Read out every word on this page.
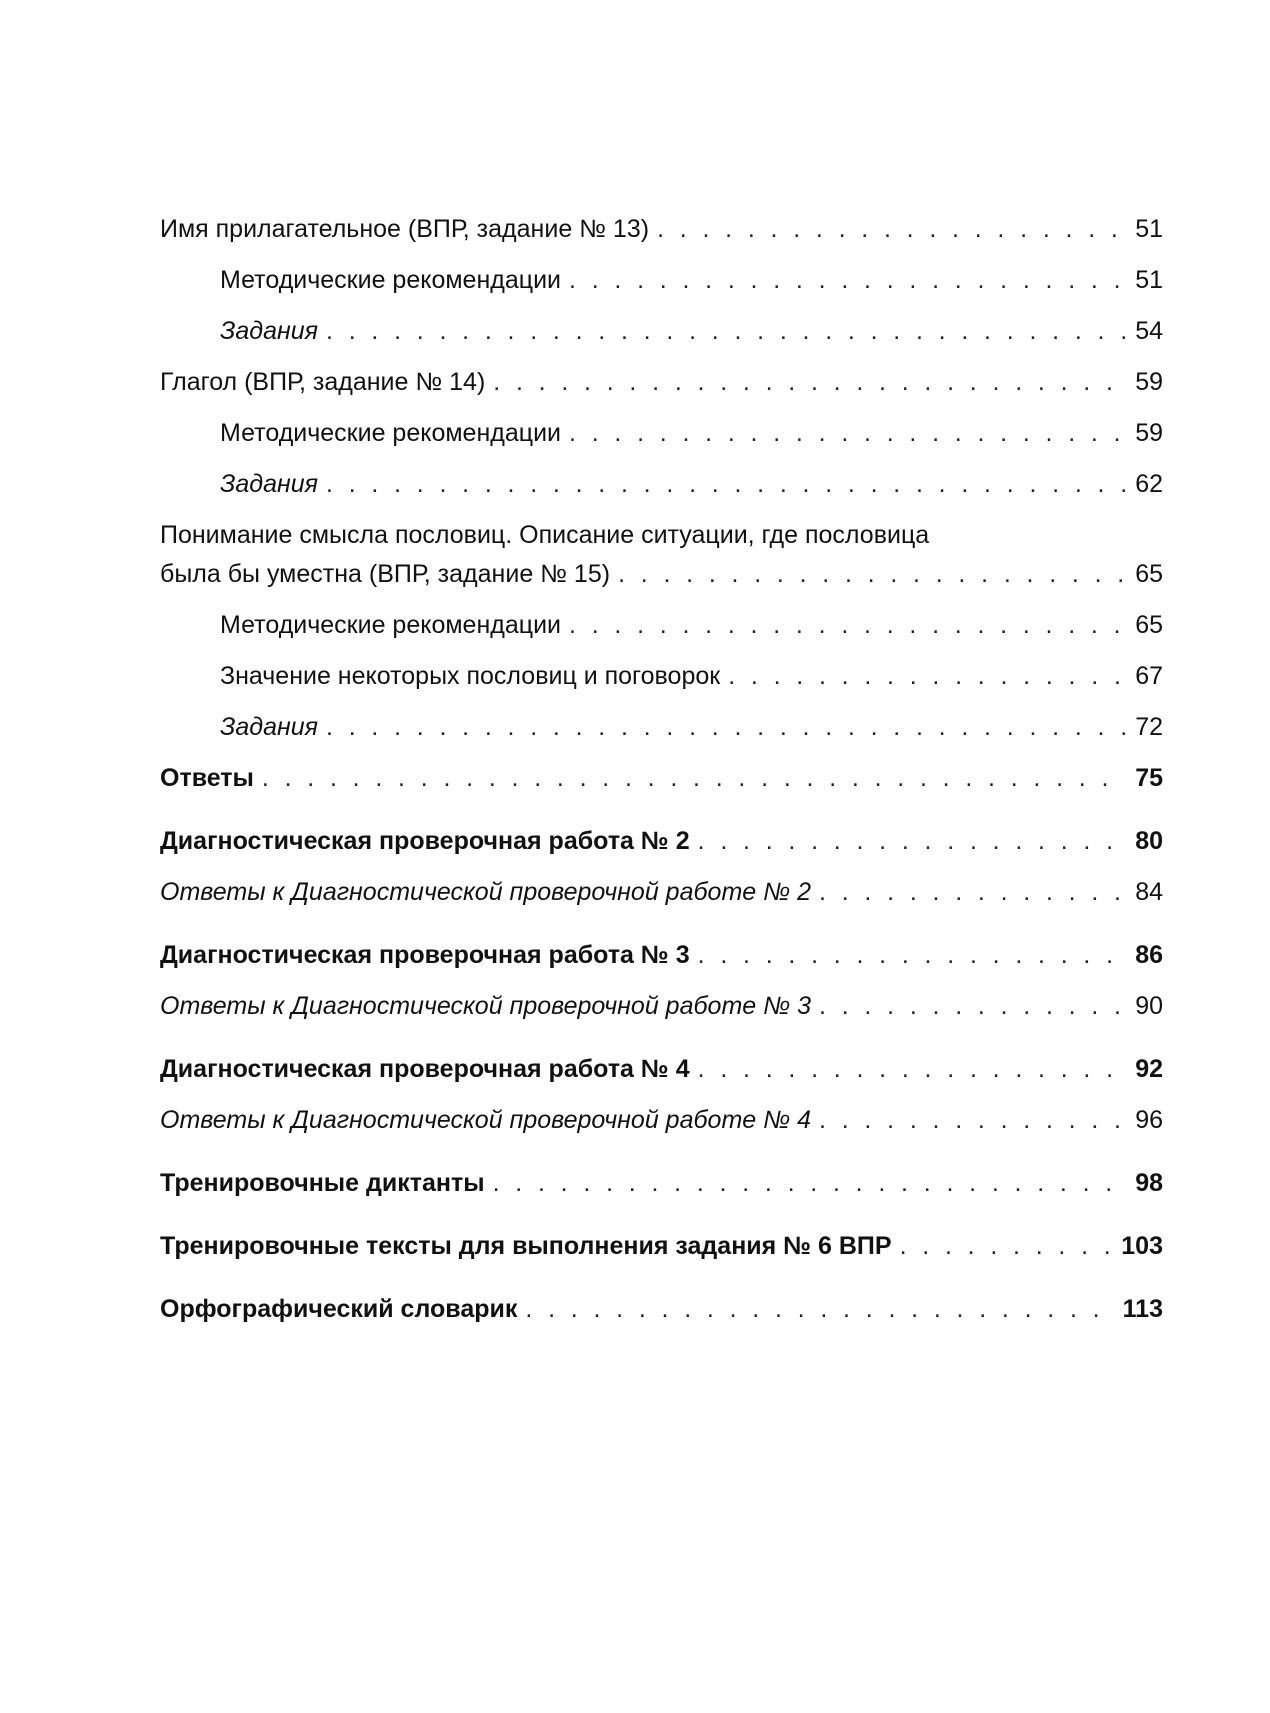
Имя прилагательное (ВПР, задание № 13) . . .	51
Методические рекомендации . . .	51
Задания . . .	54
Глагол (ВПР, задание № 14) . . .	59
Методические рекомендации . . .	59
Задания . . .	62
Понимание смысла пословиц. Описание ситуации, где пословица
была бы уместна (ВПР, задание № 15) . . .	65
Методические рекомендации . . .	65
Значение некоторых пословиц и поговорок . . .	67
Задания . . .	72
Ответы . . .	75
Диагностическая проверочная работа № 2 . . .	80
Ответы к Диагностической проверочной работе № 2 . . .	84
Диагностическая проверочная работа № 3 . . .	86
Ответы к Диагностической проверочной работе № 3 . . .	90
Диагностическая проверочная работа № 4 . . .	92
Ответы к Диагностической проверочной работе № 4 . . .	96
Тренировочные диктанты . . .	98
Тренировочные тексты для выполнения задания № 6 ВПР . . .	103
Орфографический словарик . . .	113
